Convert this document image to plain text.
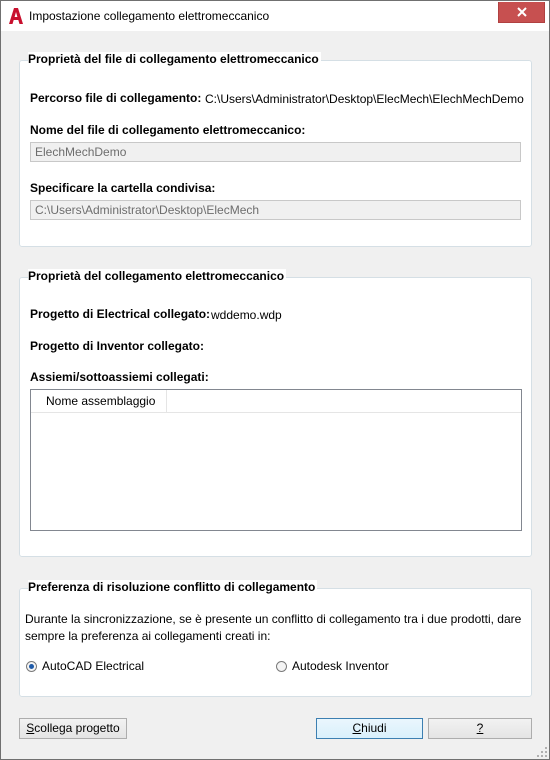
Impostazione collegamento elettromeccanico
Proprietà del file di collegamento elettromeccanico
Percorso file di collegamento: C:\Users\Administrator\Desktop\ElecMech\ElechMechDemo
Nome del file di collegamento elettromeccanico:
ElechMechDemo
Specificare la cartella condivisa:
C:\Users\Administrator\Desktop\ElecMech
Proprietà del collegamento elettromeccanico
Progetto di Electrical collegato: wddemo.wdp
Progetto di Inventor collegato:
Assiemi/sottoassiemi collegati:
Nome assemblaggio
Preferenza di risoluzione conflitto di collegamento
Durante la sincronizzazione, se è presente un conflitto di collegamento tra i due prodotti, dare
sempre la preferenza ai collegamenti creati in:
AutoCAD Electrical	Autodesk Inventor
Scollega progetto	Chiudi	?
